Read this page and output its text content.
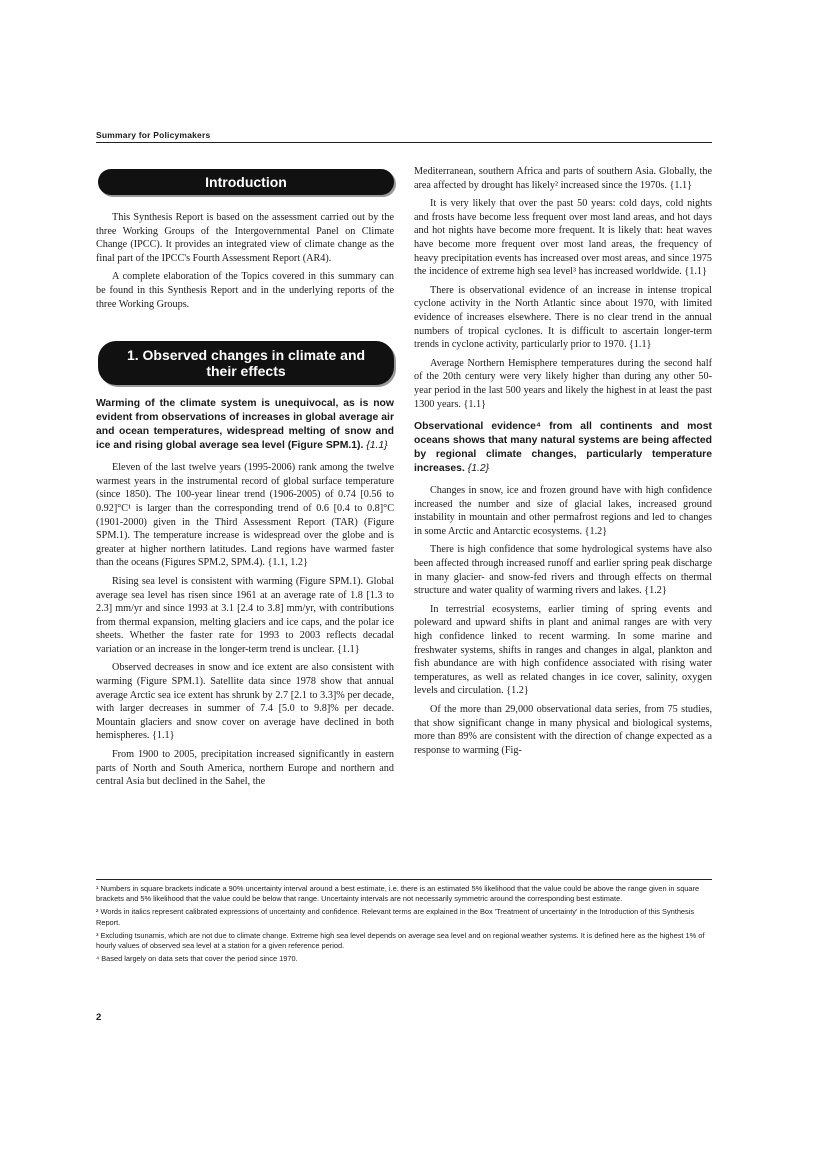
Summary for Policymakers
Introduction

This Synthesis Report is based on the assessment carried out by the three Working Groups of the Intergovernmental Panel on Climate Change (IPCC). It provides an integrated view of climate change as the final part of the IPCC's Fourth Assessment Report (AR4).

A complete elaboration of the Topics covered in this summary can be found in this Synthesis Report and in the underlying reports of the three Working Groups.

1. Observed changes in climate and
their effects
Warming of the climate system is unequivocal, as is now evident from observations of increases in global average air and ocean temperatures, widespread melting of snow and ice and rising global average sea level (Figure SPM.1). {1.1}

Eleven of the last twelve years (1995-2006) rank among the twelve warmest years in the instrumental record of global surface temperature (since 1850). The 100-year linear trend (1906-2005) of 0.74 [0.56 to 0.92]°C¹ is larger than the corresponding trend of 0.6 [0.4 to 0.8]°C (1901-2000) given in the Third Assessment Report (TAR) (Figure SPM.1). The temperature increase is widespread over the globe and is greater at higher northern latitudes. Land regions have warmed faster than the oceans (Figures SPM.2, SPM.4). {1.1, 1.2}

Rising sea level is consistent with warming (Figure SPM.1). Global average sea level has risen since 1961 at an average rate of 1.8 [1.3 to 2.3] mm/yr and since 1993 at 3.1 [2.4 to 3.8] mm/yr, with contributions from thermal expansion, melting glaciers and ice caps, and the polar ice sheets. Whether the faster rate for 1993 to 2003 reflects decadal variation or an increase in the longer-term trend is unclear. {1.1}

Observed decreases in snow and ice extent are also consistent with warming (Figure SPM.1). Satellite data since 1978 show that annual average Arctic sea ice extent has shrunk by 2.7 [2.1 to 3.3]% per decade, with larger decreases in summer of 7.4 [5.0 to 9.8]% per decade. Mountain glaciers and snow cover on average have declined in both hemispheres. {1.1}

From 1900 to 2005, precipitation increased significantly in eastern parts of North and South America, northern Europe and northern and central Asia but declined in the Sahel, the

Mediterranean, southern Africa and parts of southern Asia. Globally, the area affected by drought has likely² increased since the 1970s. {1.1}

It is very likely that over the past 50 years: cold days, cold nights and frosts have become less frequent over most land areas, and hot days and hot nights have become more frequent. It is likely that: heat waves have become more frequent over most land areas, the frequency of heavy precipitation events has increased over most areas, and since 1975 the incidence of extreme high sea level³ has increased worldwide. {1.1}

There is observational evidence of an increase in intense tropical cyclone activity in the North Atlantic since about 1970, with limited evidence of increases elsewhere. There is no clear trend in the annual numbers of tropical cyclones. It is difficult to ascertain longer-term trends in cyclone activity, particularly prior to 1970. {1.1}

Average Northern Hemisphere temperatures during the second half of the 20th century were very likely higher than during any other 50-year period in the last 500 years and likely the highest in at least the past 1300 years. {1.1}

Observational evidence⁴ from all continents and most oceans shows that many natural systems are being affected by regional climate changes, particularly temperature increases. {1.2}

Changes in snow, ice and frozen ground have with high confidence increased the number and size of glacial lakes, increased ground instability in mountain and other permafrost regions and led to changes in some Arctic and Antarctic ecosystems. {1.2}

There is high confidence that some hydrological systems have also been affected through increased runoff and earlier spring peak discharge in many glacier- and snow-fed rivers and through effects on thermal structure and water quality of warming rivers and lakes. {1.2}

In terrestrial ecosystems, earlier timing of spring events and poleward and upward shifts in plant and animal ranges are with very high confidence linked to recent warming. In some marine and freshwater systems, shifts in ranges and changes in algal, plankton and fish abundance are with high confidence associated with rising water temperatures, as well as related changes in ice cover, salinity, oxygen levels and circulation. {1.2}

Of the more than 29,000 observational data series, from 75 studies, that show significant change in many physical and biological systems, more than 89% are consistent with the direction of change expected as a response to warming (Fig-

¹ Numbers in square brackets indicate a 90% uncertainty interval around a best estimate, i.e. there is an estimated 5% likelihood that the value could be above the range given in square brackets and 5% likelihood that the value could be below that range. Uncertainty intervals are not necessarily symmetric around the corresponding best estimate.
² Words in italics represent calibrated expressions of uncertainty and confidence. Relevant terms are explained in the Box 'Treatment of uncertainty' in the Introduction of this Synthesis Report.
³ Excluding tsunamis, which are not due to climate change. Extreme high sea level depends on average sea level and on regional weather systems. It is defined here as the highest 1% of hourly values of observed sea level at a station for a given reference period.
⁴ Based largely on data sets that cover the period since 1970.
2
